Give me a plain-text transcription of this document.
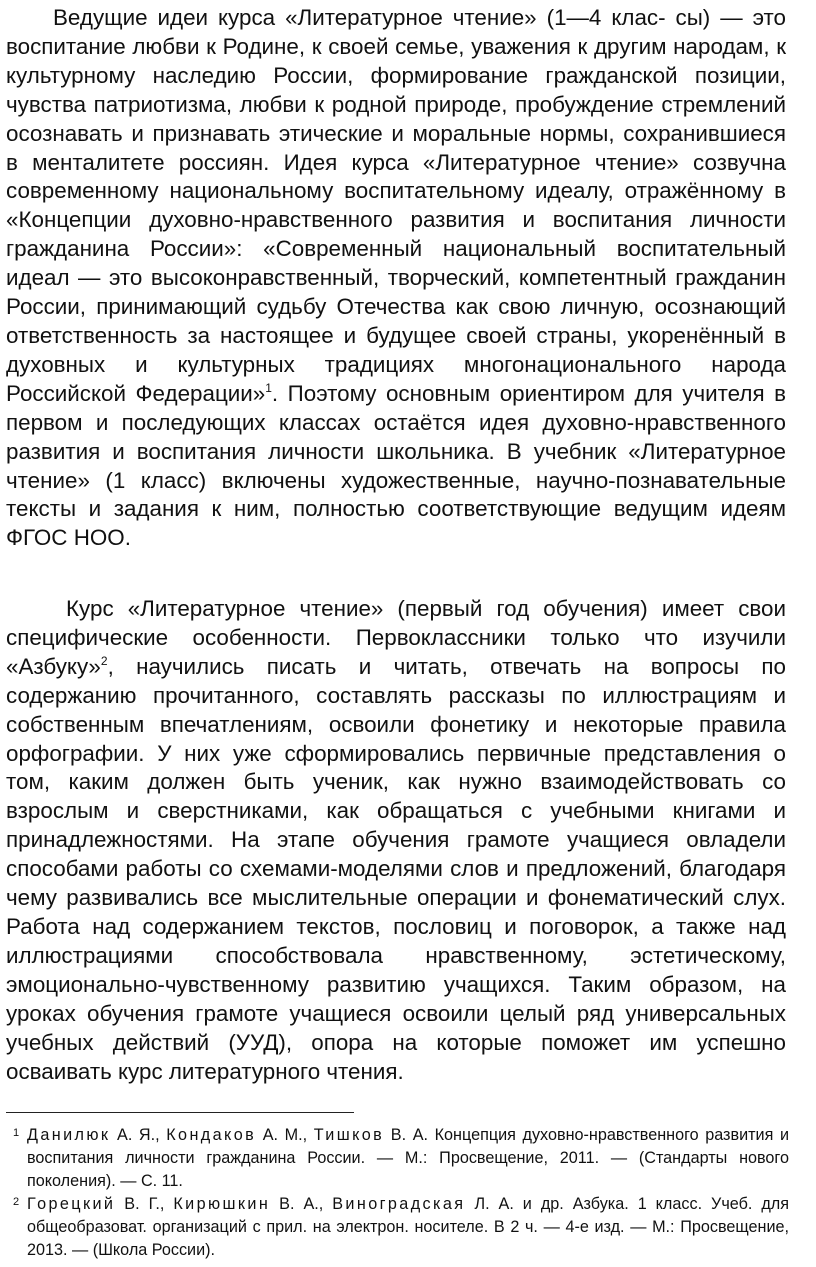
Ведущие идеи курса «Литературное чтение» (1—4 клас- сы) — это воспитание любви к Родине, к своей семье, уважения к другим народам, к культурному наследию России, формирование гражданской позиции, чувства патриотизма, любви к родной природе, пробуждение стремлений осознавать и признавать этические и моральные нормы, сохранившиеся в менталитете россиян. Идея курса «Литературное чтение» созвучна современному национальному воспитательному идеалу, отражённому в «Концепции духовно-нравственного развития и воспитания личности гражданина России»: «Современный национальный воспитательный идеал — это высоконравственный, творческий, компетентный гражданин России, принимающий судьбу Отечества как свою личную, осознающий ответственность за настоящее и будущее своей страны, укоренённый в духовных и культурных традициях многонационального народа Российской Федерации»$^1$. Поэтому основным ориентиром для учителя в первом и последующих классах остаётся идея духовно-нравственного развития и воспитания личности школьника. В учебник «Литературное чтение» (1 класс) включены художественные, научно-познавательные тексты и задания к ним, полностью соответствующие ведущим идеям ФГОС НОО.

Курс «Литературное чтение» (первый год обучения) имеет свои специфические особенности. Первоклассники только что изучили «Азбуку»$^2$, научились писать и читать, отвечать на вопросы по содержанию прочитанного, составлять рассказы по иллюстрациям и собственным впечатлениям, освоили фонетику и некоторые правила орфографии. У них уже сформировались первичные представления о том, каким должен быть ученик, как нужно взаимодействовать со взрослым и сверстниками, как обращаться с учебными книгами и принадлежностями. На этапе обучения грамоте учащиеся овладели способами работы со схемами-моделями слов и предложений, благодаря чему развивались все мыслительные операции и фонематический слух. Работа над содержанием текстов, пословиц и поговорок, а также над иллюстрациями способствовала нравственному, эстетическому, эмоционально-чувственному развитию учащихся. Таким образом, на уроках обучения грамоте учащиеся освоили целый ряд универсальных учебных действий (УУД), опора на которые поможет им успешно осваивать курс литературного чтения.

1 Данилюк А. Я., Кондаков А. М., Тишков В. А. Концепция духовно-нравственного развития и воспитания личности гражданина России. — М.: Просвещение, 2011. — (Стандарты нового поколения). — С. 11.

2 Горецкий В. Г., Кирюшкин В. А., Виноградская Л. А. и др. Азбука. 1 класс. Учеб. для общеобразоват. организаций с прил. на электрон. носителе. В 2 ч. — 4-е изд. — М.: Просвещение, 2013. — (Школа России).
